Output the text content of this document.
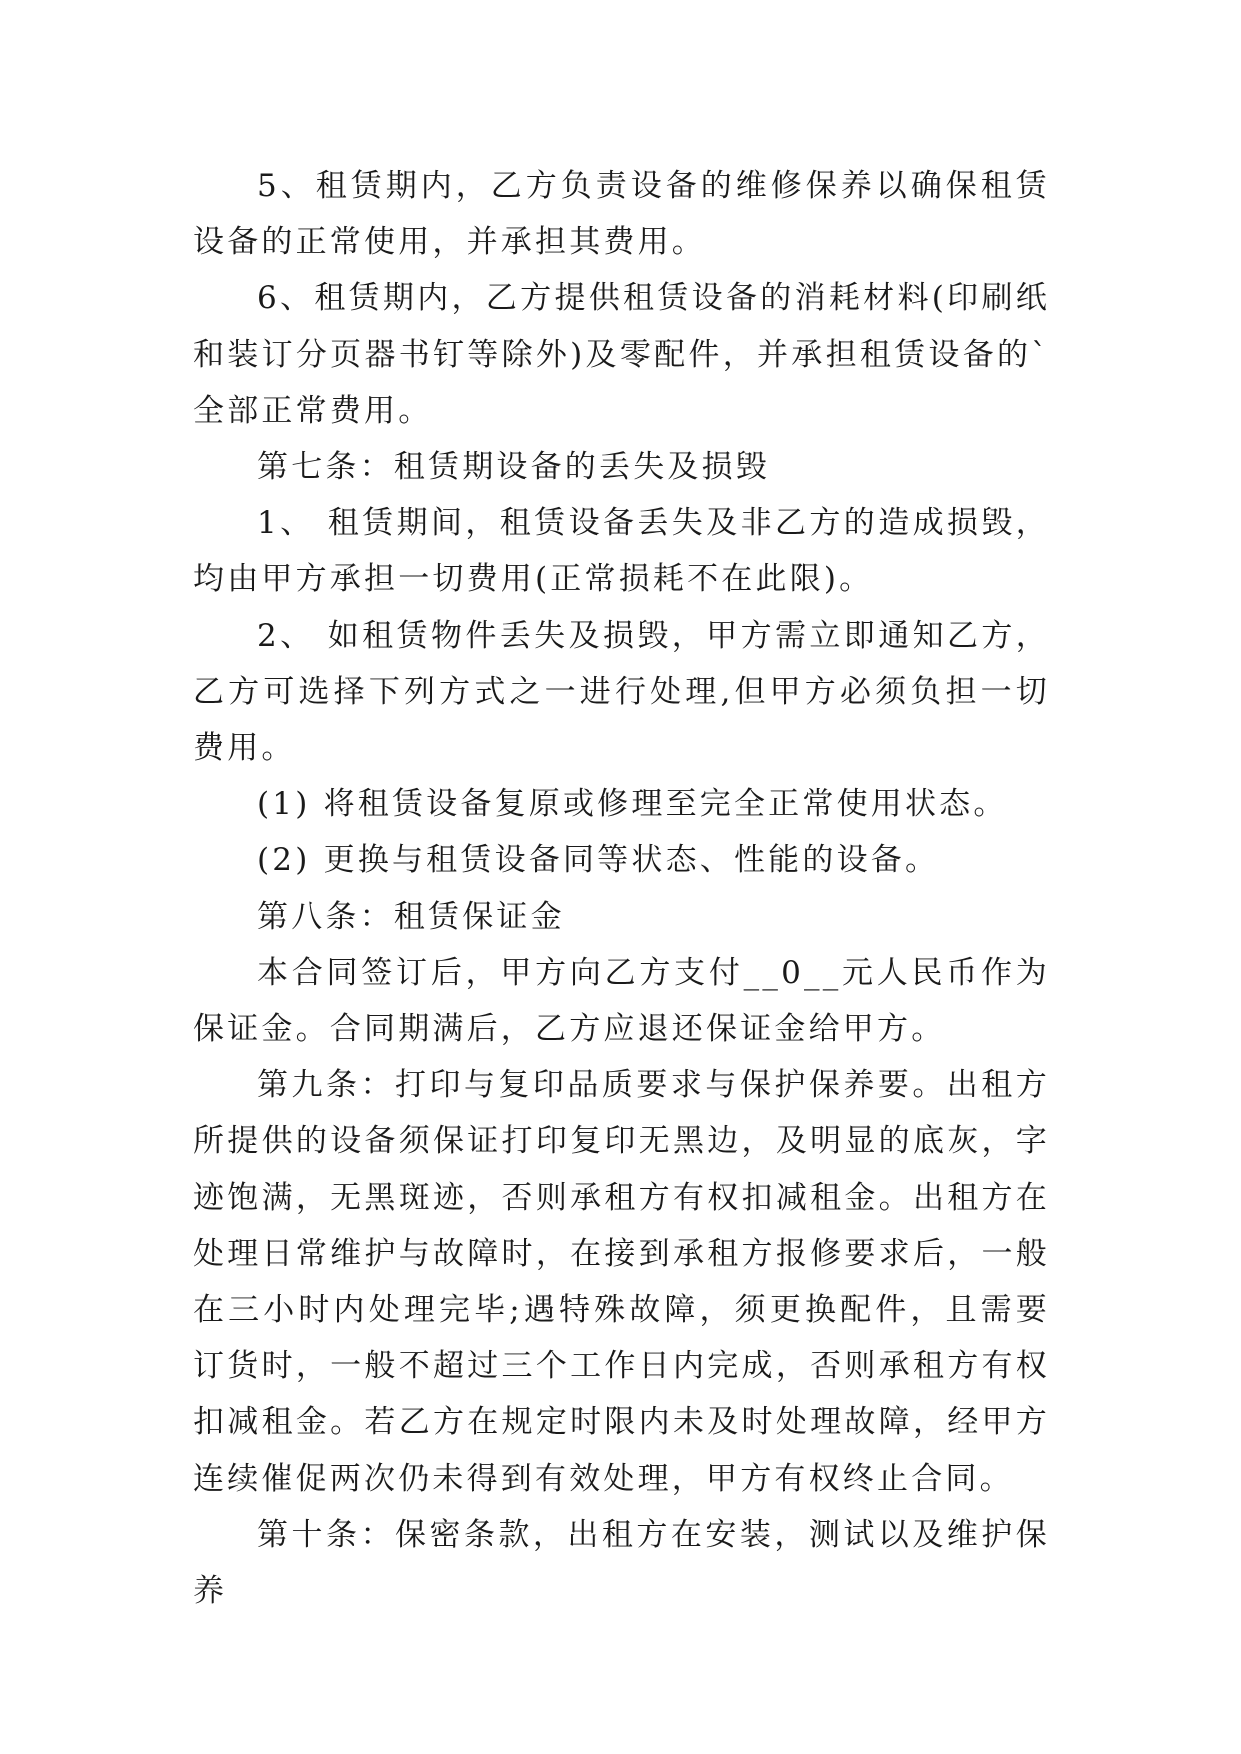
5、租赁期内，乙方负责设备的维修保养以确保租赁设备的正常使用，并承担其费用。

6、租赁期内，乙方提供租赁设备的消耗材料(印刷纸和装订分页器书钉等除外)及零配件，并承担租赁设备的`全部正常费用。

第七条：租赁期设备的丢失及损毁

1、 租赁期间，租赁设备丢失及非乙方的造成损毁，均由甲方承担一切费用(正常损耗不在此限)。

2、 如租赁物件丢失及损毁，甲方需立即通知乙方，乙方可选择下列方式之一进行处理,但甲方必须负担一切费用。

(1) 将租赁设备复原或修理至完全正常使用状态。

(2) 更换与租赁设备同等状态、性能的设备。

第八条：租赁保证金

本合同签订后，甲方向乙方支付__0__元人民币作为保证金。合同期满后，乙方应退还保证金给甲方。

第九条：打印与复印品质要求与保护保养要。出租方所提供的设备须保证打印复印无黑边，及明显的底灰，字迹饱满，无黑斑迹，否则承租方有权扣减租金。出租方在处理日常维护与故障时，在接到承租方报修要求后，一般在三小时内处理完毕;遇特殊故障，须更换配件，且需要订货时，一般不超过三个工作日内完成，否则承租方有权扣减租金。若乙方在规定时限内未及时处理故障，经甲方连续催促两次仍未得到有效处理，甲方有权终止合同。

第十条：保密条款，出租方在安装，测试以及维护保养
